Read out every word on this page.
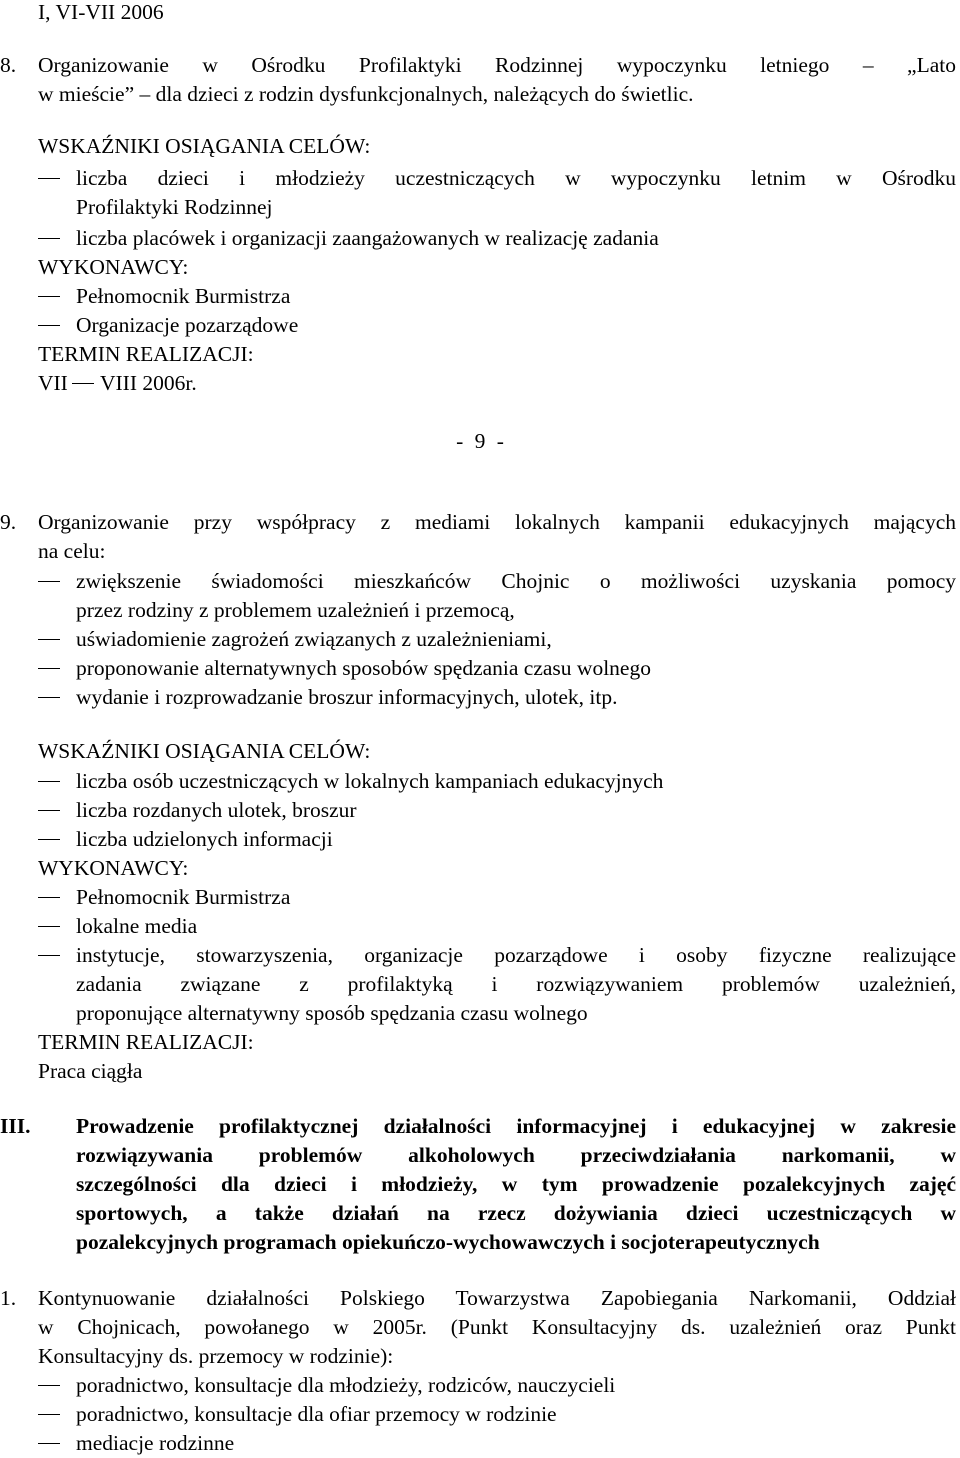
I, VI-VII 2006
8. Organizowanie w Ośrodku Profilaktyki Rodzinnej wypoczynku letniego – „Lato
w mieście” – dla dzieci z rodzin dysfunkcjonalnych, należących do świetlic.
WSKAŹNIKI OSIĄGANIA CELÓW:
liczba dzieci i młodzieży uczestniczących w wypoczynku letnim w Ośrodku
Profilaktyki Rodzinnej
liczba placówek i organizacji zaangażowanych w realizację zadania
WYKONAWCY:
Pełnomocnik Burmistrza
Organizacje pozarządowe
TERMIN REALIZACJI:
VII VIII 2006r.
- 9 -
9. Organizowanie przy współpracy z mediami lokalnych kampanii edukacyjnych mających
na celu:
zwiększenie świadomości mieszkańców Chojnic o możliwości uzyskania pomocy
przez rodziny z problemem uzależnień i przemocą,
uświadomienie zagrożeń związanych z uzależnieniami,
proponowanie alternatywnych sposobów spędzania czasu wolnego
wydanie i rozprowadzanie broszur informacyjnych, ulotek, itp.
WSKAŹNIKI OSIĄGANIA CELÓW:
liczba osób uczestniczących w lokalnych kampaniach edukacyjnych
liczba rozdanych ulotek, broszur
liczba udzielonych informacji
WYKONAWCY:
Pełnomocnik Burmistrza
lokalne media
instytucje, stowarzyszenia, organizacje pozarządowe i osoby fizyczne realizujące
zadania związane z profilaktyką i rozwiązywaniem problemów uzależnień,
proponujące alternatywny sposób spędzania czasu wolnego
TERMIN REALIZACJI:
Praca ciągła
III. Prowadzenie profilaktycznej działalności informacyjnej i edukacyjnej w zakresie
rozwiązywania problemów alkoholowych przeciwdziałania narkomanii, w
szczególności dla dzieci i młodzieży, w tym prowadzenie pozalekcyjnych zajęć
sportowych, a także działań na rzecz dożywiania dzieci uczestniczących w
pozalekcyjnych programach opiekuńczo-wychowawczych i socjoterapeutycznych
1. Kontynuowanie działalności Polskiego Towarzystwa Zapobiegania Narkomanii, Oddział
w Chojnicach, powołanego w 2005r. (Punkt Konsultacyjny ds. uzależnień oraz Punkt
Konsultacyjny ds. przemocy w rodzinie):
poradnictwo, konsultacje dla młodzieży, rodziców, nauczycieli
poradnictwo, konsultacje dla ofiar przemocy w rodzinie
mediacje rodzinne
